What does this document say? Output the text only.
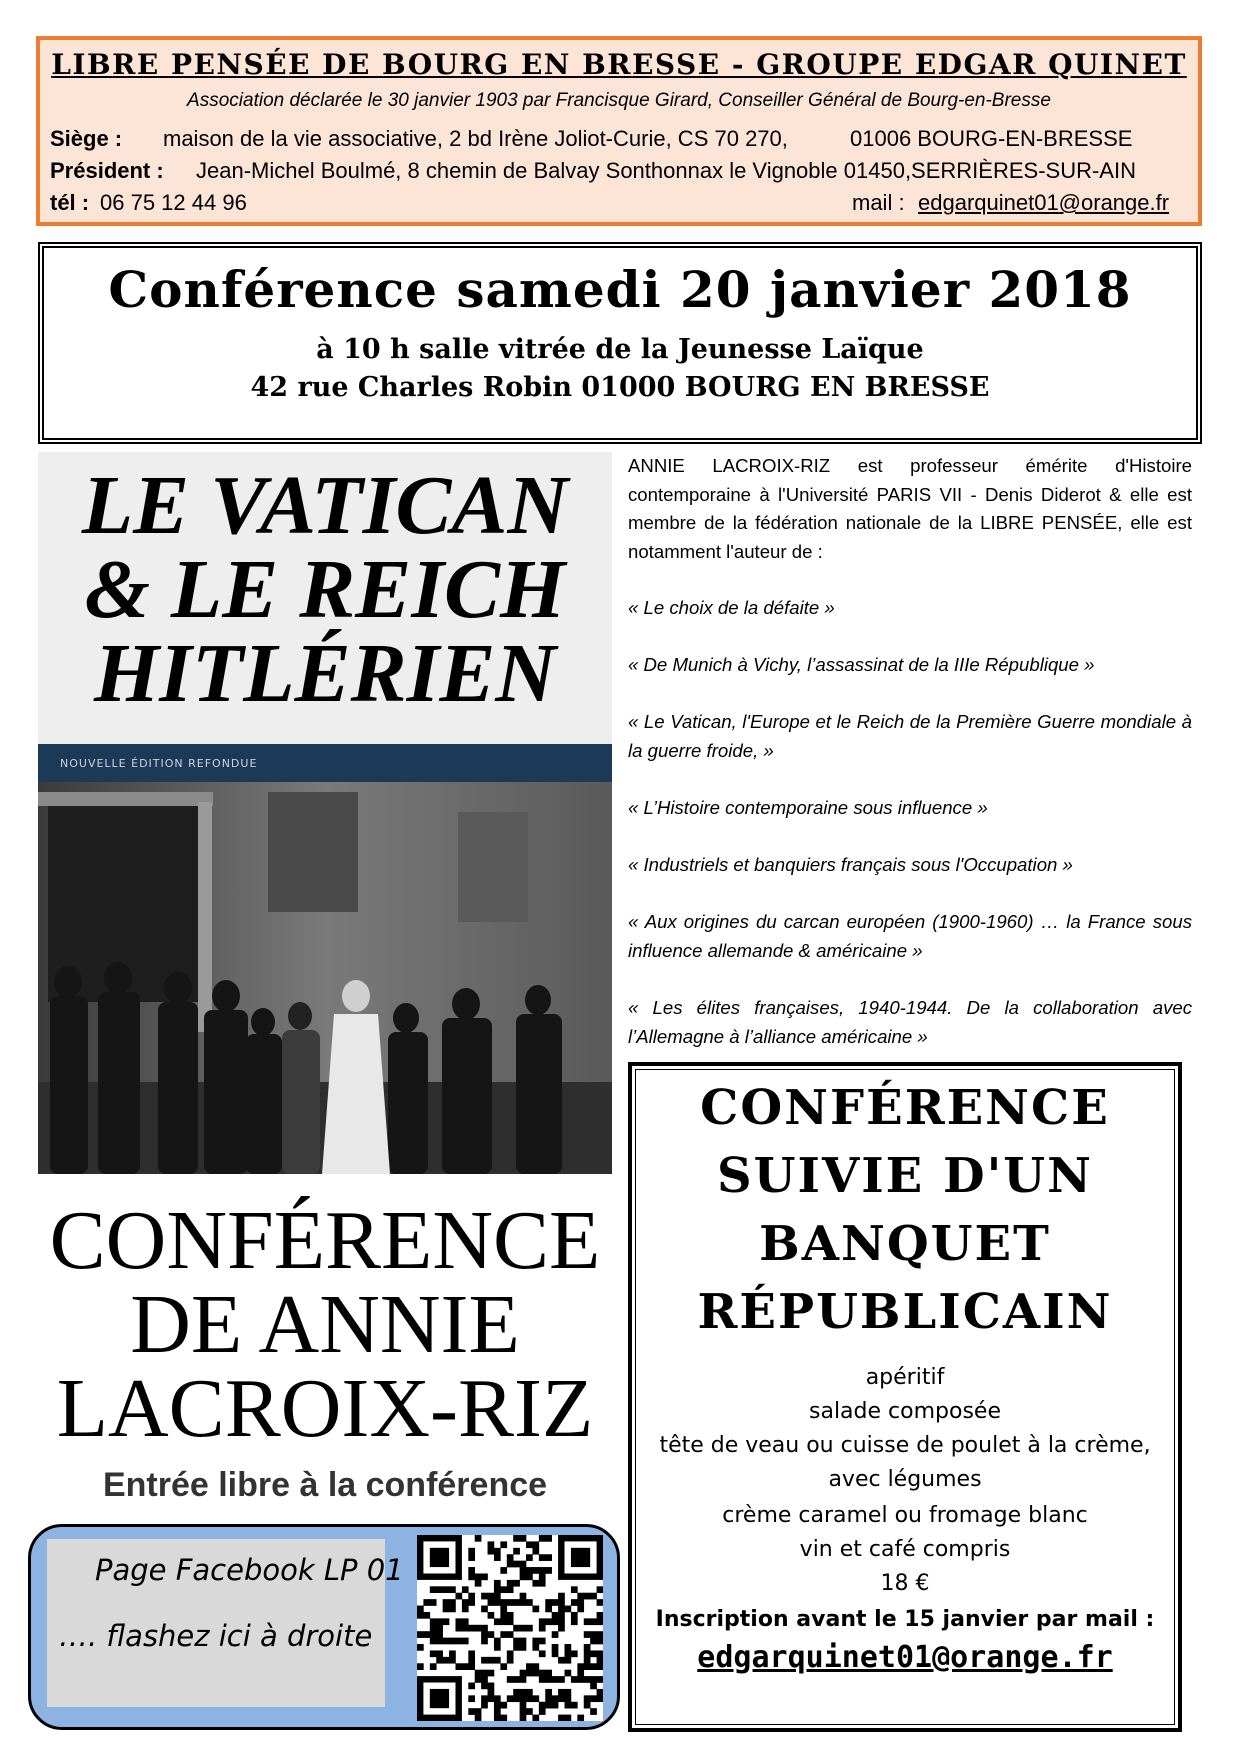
LIBRE PENSÉE DE BOURG EN BRESSE - GROUPE EDGAR QUINET
Association déclarée le 30 janvier 1903 par Francisque Girard, Conseiller Général de Bourg-en-Bresse
Siège : maison de la vie associative, 2 bd Irène Joliot-Curie, CS 70 270,	01006 BOURG-EN-BRESSE
Président : Jean-Michel Boulmé, 8 chemin de Balvay Sonthonnax le Vignoble 01450,SERRIÈRES-SUR-AIN
tél : 06 75 12 44 96	mail : edgarquinet01@orange.fr
Conférence samedi 20 janvier 2018
à 10 h salle vitrée de la Jeunesse Laïque
42 rue Charles Robin 01000 BOURG EN BRESSE
LE VATICAN
& LE REICH
HITLÉRIEN
NOUVELLE ÉDITION REFONDUE
CONFÉRENCE
DE ANNIE
LACROIX-RIZ
Entrée libre à la conférence
Page Facebook LP 01
…. flashez ici à droite
ANNIE LACROIX-RIZ est professeur émérite d'Histoire contemporaine à l'Université PARIS VII - Denis Diderot & elle est membre de la fédération nationale de la LIBRE PENSÉE, elle est notamment l'auteur de :
« Le choix de la défaite »
« De Munich à Vichy, l’assassinat de la IIIe République »
« Le Vatican, l'Europe et le Reich de la Première Guerre mondiale à la guerre froide, »
« L’Histoire contemporaine sous influence »
« Industriels et banquiers français sous l'Occupation »
« Aux origines du carcan européen (1900-1960) … la France sous influence allemande & américaine »
« Les élites françaises, 1940-1944. De la collaboration avec l’Allemagne à l’alliance américaine »
CONFÉRENCE
SUIVIE D'UN
BANQUET
RÉPUBLICAIN
apéritif
salade composée
tête de veau ou cuisse de poulet à la crème,
avec légumes
crème caramel ou fromage blanc
vin et café compris
18 €
Inscription avant le 15 janvier par mail :
edgarquinet01@orange.fr
